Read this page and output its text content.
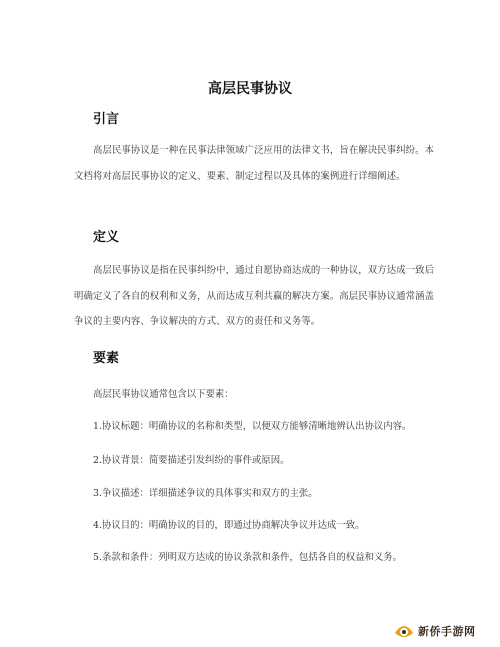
高层民事协议
引言
高层民事协议是一种在民事法律领域广泛应用的法律文书，旨在解决民事纠纷。本文档将对高层民事协议的定义、要素、制定过程以及具体的案例进行详细阐述。
定义
高层民事协议是指在民事纠纷中，通过自愿协商达成的一种协议，双方达成一致后明确定义了各自的权利和义务，从而达成互利共赢的解决方案。高层民事协议通常涵盖争议的主要内容、争议解决的方式、双方的责任和义务等。
要素
高层民事协议通常包含以下要素：
1.协议标题：明确协议的名称和类型，以便双方能够清晰地辨认出协议内容。
2.协议背景：简要描述引发纠纷的事件或原因。
3.争议描述：详细描述争议的具体事实和双方的主张。
4.协议目的：明确协议的目的，即通过协商解决争议并达成一致。
5.条款和条件：列明双方达成的协议条款和条件，包括各自的权益和义务。
新侨手游网
